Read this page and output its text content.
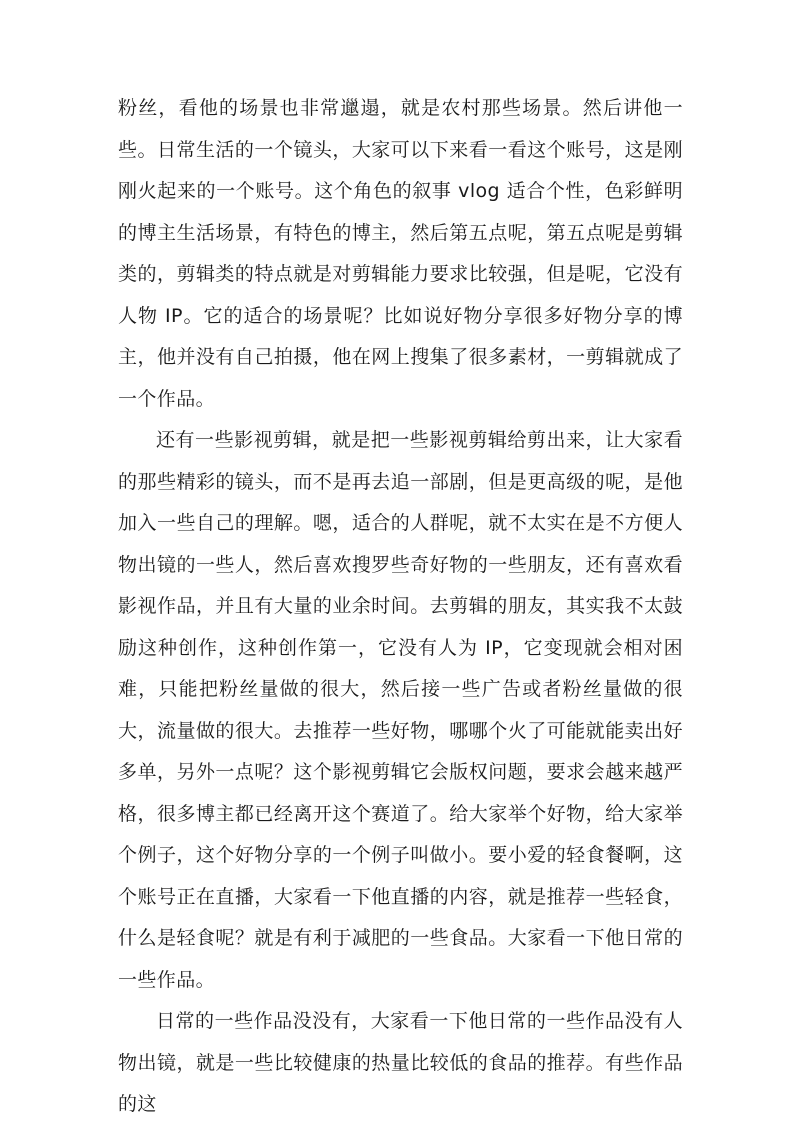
粉丝，看他的场景也非常邋遢，就是农村那些场景。然后讲他一些。日常生活的一个镜头，大家可以下来看一看这个账号，这是刚刚火起来的一个账号。这个角色的叙事 vlog 适合个性，色彩鲜明的博主生活场景，有特色的博主，然后第五点呢，第五点呢是剪辑类的，剪辑类的特点就是对剪辑能力要求比较强，但是呢，它没有人物 IP。它的适合的场景呢？比如说好物分享很多好物分享的博主，他并没有自己拍摄，他在网上搜集了很多素材，一剪辑就成了一个作品。

还有一些影视剪辑，就是把一些影视剪辑给剪出来，让大家看的那些精彩的镜头，而不是再去追一部剧，但是更高级的呢，是他加入一些自己的理解。嗯，适合的人群呢，就不太实在是不方便人物出镜的一些人，然后喜欢搜罗些奇好物的一些朋友，还有喜欢看影视作品，并且有大量的业余时间。去剪辑的朋友，其实我不太鼓励这种创作，这种创作第一，它没有人为 IP，它变现就会相对困难，只能把粉丝量做的很大，然后接一些广告或者粉丝量做的很大，流量做的很大。去推荐一些好物，哪哪个火了可能就能卖出好多单，另外一点呢？这个影视剪辑它会版权问题，要求会越来越严格，很多博主都已经离开这个赛道了。给大家举个好物，给大家举个例子，这个好物分享的一个例子叫做小。要小爱的轻食餐啊，这个账号正在直播，大家看一下他直播的内容，就是推荐一些轻食，什么是轻食呢？就是有利于减肥的一些食品。大家看一下他日常的一些作品。

日常的一些作品没没有，大家看一下他日常的一些作品没有人物出镜，就是一些比较健康的热量比较低的食品的推荐。有些作品的这
